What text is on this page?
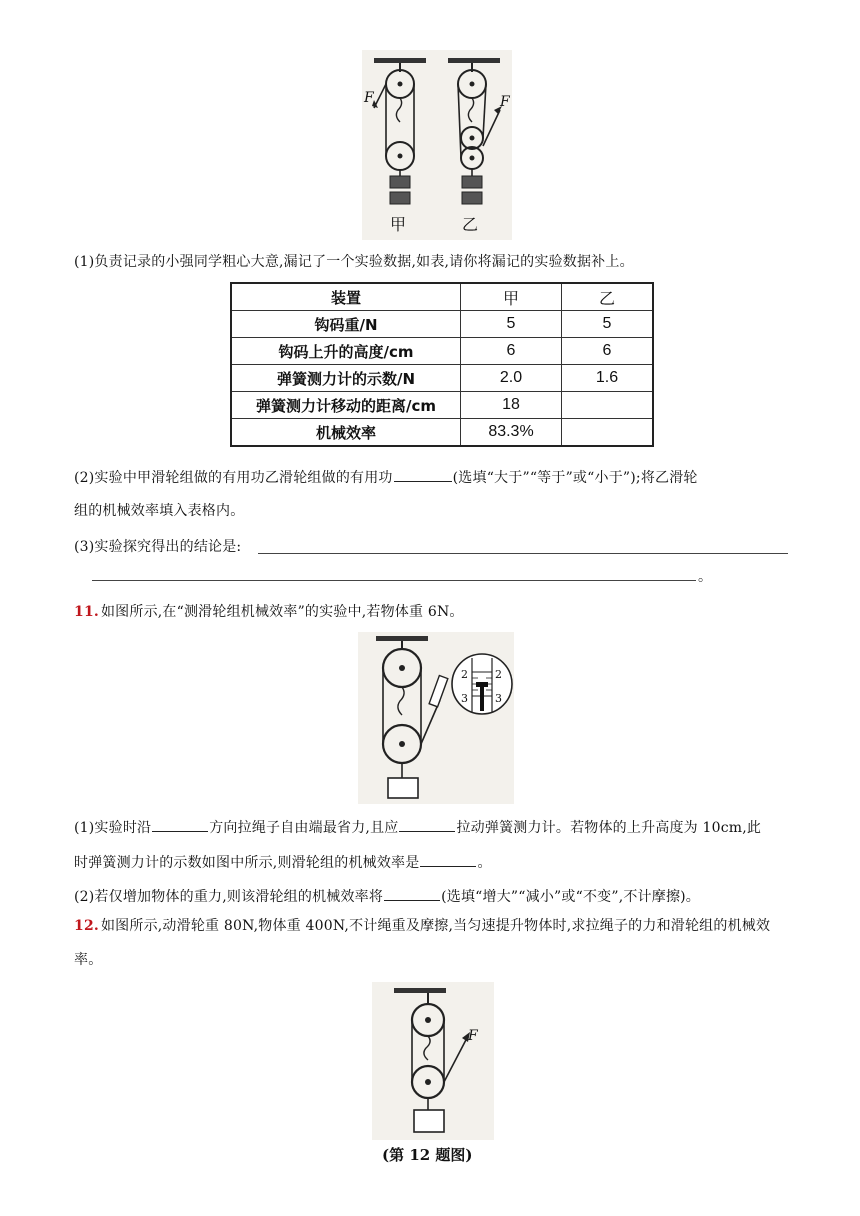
F	F
甲	乙
(1)负责记录的小强同学粗心大意,漏记了一个实验数据,如表,请你将漏记的实验数据补上。
装置	甲	乙
钩码重/N	5	5
钩码上升的高度/cm	6	6
弹簧测力计的示数/N	2.0	1.6
弹簧测力计移动的距离/cm	18	
机械效率	83.3%	
(2)实验中甲滑轮组做的有用功乙滑轮组做的有用功	(选填“大于”“等于”或“小于”);将乙滑轮
组的机械效率填入表格内。
(3)实验探究得出的结论是:
。
11. 如图所示,在“测滑轮组机械效率”的实验中,若物体重 6N。
2 2
3 3
(1)实验时沿	方向拉绳子自由端最省力,且应	拉动弹簧测力计。若物体的上升高度为 10cm,此
时弹簧测力计的示数如图中所示,则滑轮组的机械效率是	。
(2)若仅增加物体的重力,则该滑轮组的机械效率将	(选填“增大”“减小”或“不变”,不计摩擦)。
12. 如图所示,动滑轮重 80N,物体重 400N,不计绳重及摩擦,当匀速提升物体时,求拉绳子的力和滑轮组的机械效
率。
F
(第 12 题图)
